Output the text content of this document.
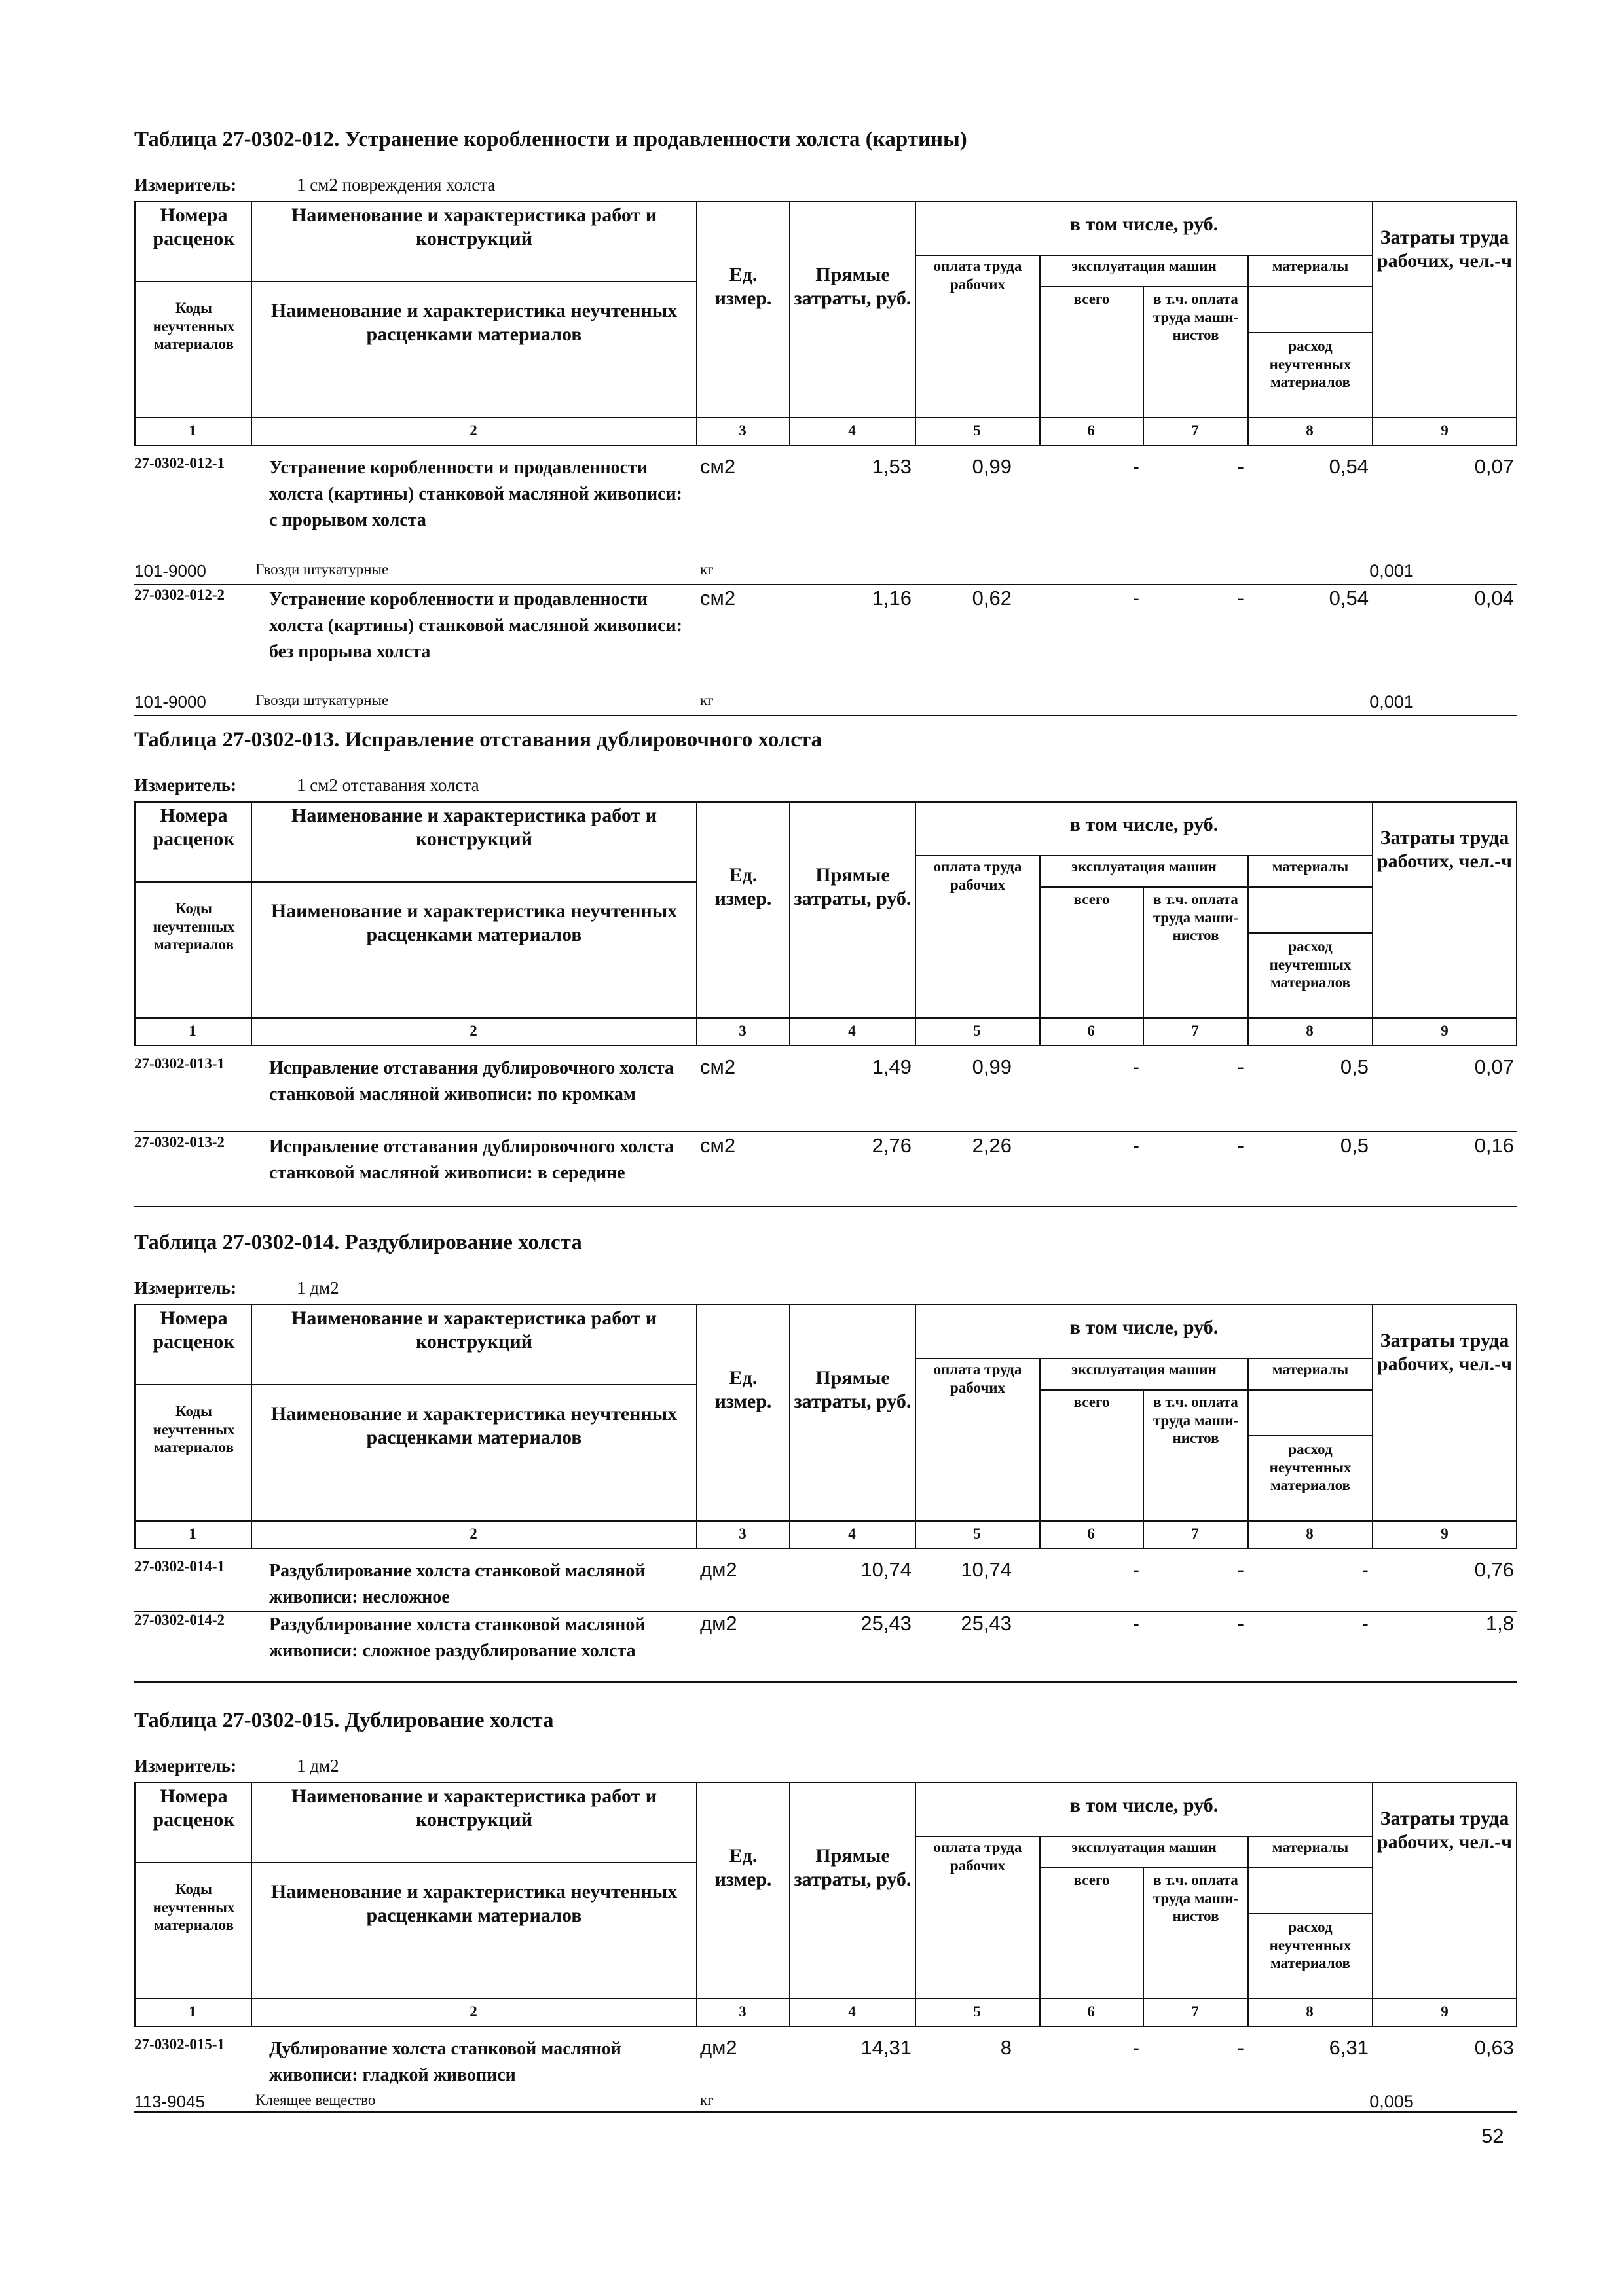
Таблица 27-0302-012. Устранение коробленности и продавленности холста (картины)
Измеритель:	1 см2 повреждения холста
Номера расценок
Наименование и характеристика работ и конструкций
Коды неучтенных материалов
Наименование и характеристика неучтенных расценками материалов
Ед. измер.
Прямые затраты, руб.
в том числе, руб.
оплата труда рабочих
эксплуатация машин
всего	в т.ч. оплата труда маши-нистов
материалы
расход неучтенных материалов
Затраты труда рабочих, чел.-ч
1	2	3	4	5	6	7	8	9
27-0302-012-1 Устранение коробленности и продавленности холста (картины) станковой масляной живописи: с прорывом холста
см2	1,53	0,99	-	-	0,54	0,07
101-9000	Гвозди штукатурные	кг	0,001
27-0302-012-2 Устранение коробленности и продавленности холста (картины) станковой масляной живописи: без прорыва холста
см2	1,16	0,62	-	-	0,54	0,04
101-9000	Гвозди штукатурные	кг	0,001
Таблица 27-0302-013. Исправление отставания дублировочного холста
Измеритель:	1 см2 отставания холста
Номера расценок
Наименование и характеристика работ и конструкций
Коды неучтенных материалов
Наименование и характеристика неучтенных расценками материалов
Ед. измер.
Прямые затраты, руб.
в том числе, руб.
оплата труда рабочих
эксплуатация машин
всего	в т.ч. оплата труда маши-нистов
материалы
расход неучтенных материалов
Затраты труда рабочих, чел.-ч
1	2	3	4	5	6	7	8	9
27-0302-013-1 Исправление отставания дублировочного холста станковой масляной живописи: по кромкам
см2	1,49	0,99	-	-	0,5	0,07
27-0302-013-2 Исправление отставания дублировочного холста станковой масляной живописи: в середине
см2	2,76	2,26	-	-	0,5	0,16
Таблица 27-0302-014. Раздублирование холста
Измеритель:	1 дм2
Номера расценок
Наименование и характеристика работ и конструкций
Коды неучтенных материалов
Наименование и характеристика неучтенных расценками материалов
Ед. измер.
Прямые затраты, руб.
в том числе, руб.
оплата труда рабочих
эксплуатация машин
всего	в т.ч. оплата труда маши-нистов
материалы
расход неучтенных материалов
Затраты труда рабочих, чел.-ч
1	2	3	4	5	6	7	8	9
27-0302-014-1 Раздублирование холста станковой масляной живописи: несложное
дм2	10,74	10,74	-	-	-	0,76
27-0302-014-2 Раздублирование холста станковой масляной живописи: сложное раздублирование холста
дм2	25,43	25,43	-	-	-	1,8
Таблица 27-0302-015. Дублирование холста
Измеритель:	1 дм2
Номера расценок
Наименование и характеристика работ и конструкций
Коды неучтенных материалов
Наименование и характеристика неучтенных расценками материалов
Ед. измер.
Прямые затраты, руб.
в том числе, руб.
оплата труда рабочих
эксплуатация машин
всего	в т.ч. оплата труда маши-нистов
материалы
расход неучтенных материалов
Затраты труда рабочих, чел.-ч
1	2	3	4	5	6	7	8	9
27-0302-015-1 Дублирование холста станковой масляной живописи: гладкой живописи
дм2	14,31	8	-	-	6,31	0,63
113-9045	Клеящее вещество	кг	0,005
52
